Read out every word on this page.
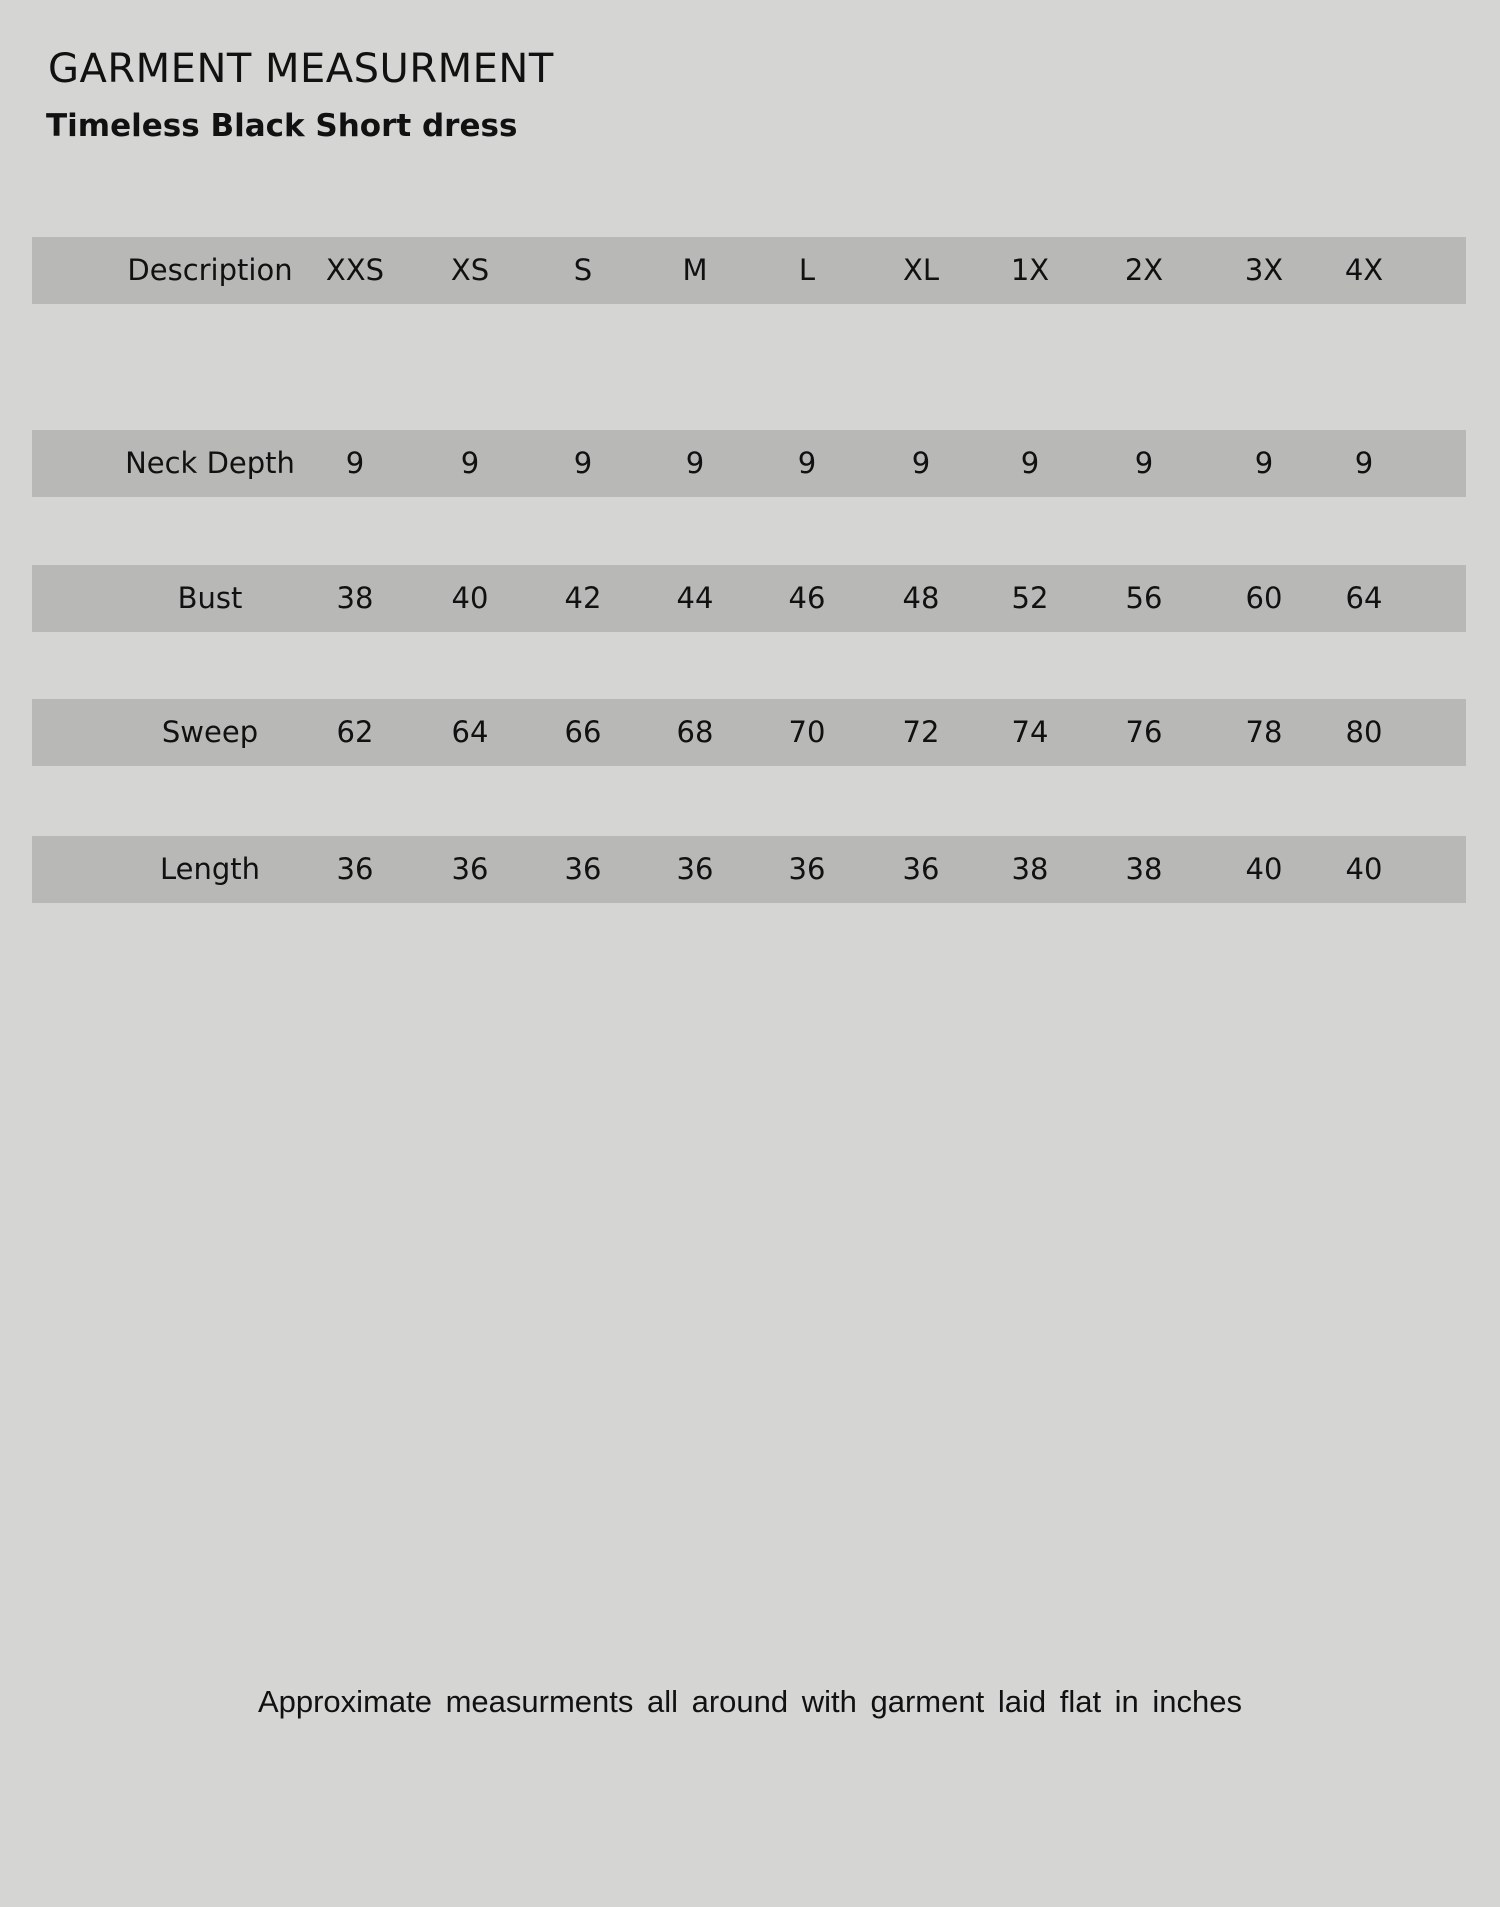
GARMENT MEASURMENT
Timeless Black Short dress
Description	XXS	XS	S	M	L	XL	1X	2X	3X	4X
Neck Depth	9	9	9	9	9	9	9	9	9	9
Bust	38	40	42	44	46	48	52	56	60	64
Sweep	62	64	66	68	70	72	74	76	78	80
Length	36	36	36	36	36	36	38	38	40	40
Approximate measurments all around with garment laid flat in inches
